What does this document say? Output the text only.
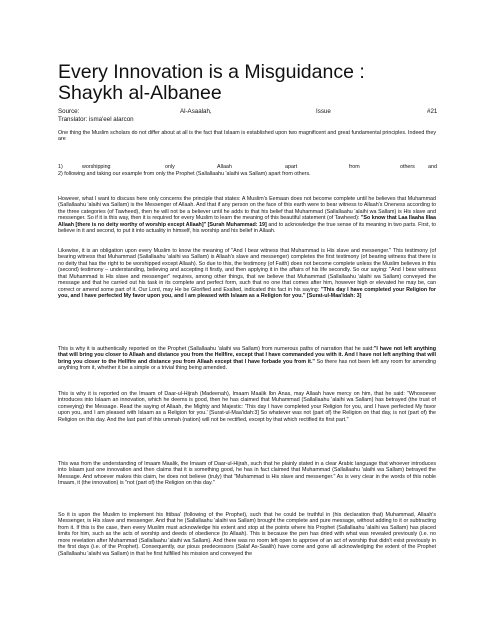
Every Innovation is a Misguidance :
Shaykh al-Albanee
Source:	Al-Asaalah,	Issue	#21
Translator: isma'eel alarcon

One thing the Muslim scholars do not differ about at all is the fact that Islaam is established upon two magnificent and great fundamental principles. Indeed they are

1)	worshipping	only	Allaah	apart	from	others and

2) following and taking our example from only the Prophet (Sallallaahu 'alaihi wa Sallam) apart from others.

However, what I want to discuss here only concerns the principle that states: A Muslim's Eemaan does not become complete until he believes that Muhammad (Sallallaahu 'alaihi wa Sallam) is the Messenger of Allaah. And that if any person on the face of this earth were to bear witness to Allaah's Oneness according to the three categories (of Tawheed), then he will not be a believer until he adds to that his belief that Muhammad (Sallallaahu 'alaihi wa Sallam) is His slave and messenger. So if it is this way, then it is required for every Muslim to learn the meaning of this beautiful statement (of Tawheed): "So know that Laa Ilaaha Illaa Allaah [there is no deity worthy of worship except Allaah]" [Surah Muhammad: 19] and to acknowledge the true sense of its meaning in two parts. First, to believe in it and second, to put it into actuality in himself, his worship and his belief in Allaah.

Likewise, it is an obligation upon every Muslim to know the meaning of "And I bear witness that Muhammad is His slave and messenger." This testimony (of bearing witness that Muhammad (Sallallaahu 'alaihi wa Sallam) is Allaah's slave and messenger) completes the first testimony (of bearing witness that there is no deity that has the right to be worshipped except Allaah). So due to this, the testimony (of Faith) does not become complete unless the Muslim believes in this (second) testimony – understanding, believing and accepting it firstly, and then applying it in the affairs of his life secondly. So our saying: "And I bear witness that Muhammad is His slave and messenger" requires, among other things, that we believe that Muhammad (Sallallaahu 'alaihi wa Sallam) conveyed the message and that he carried out his task in its complete and perfect form, such that no one that comes after him, however high or elevated he may be, can correct or amend some part of it. Our Lord, may He be Glorified and Exalted, indicated this fact in his saying: "This day I have completed your Religion for you, and I have perfected My favor upon you, and I am pleased with Islaam as a Religion for you." [Surat-ul-Maa'idah: 3]

This is why it is authentically reported on the Prophet (Sallallaahu 'alaihi wa Sallam) from numerous paths of narration that he said:"I have not left anything that will bring you closer to Allaah and distance you from the Hellfire, except that I have commanded you with it. And I have not left anything that will bring you closer to the Hellfire and distance you from Allaah except that I have forbade you from it." So there has not been left any room for amending anything from it, whether it be a simple or a trivial thing being amended.

This is why it is reported on the Imaam of Daar-ul-Hijrah (Madeenah), Imaam Maalik Ibn Anas, may Allaah have mercy on him, that he said: "Whosoever introduces into Islaam an innovation, which he deems is good, then he has claimed that Muhammad (Sallallaahu 'alaihi wa Sallam) has betrayed (the trust of conveying) the Message. Read the saying of Allaah, the Mighty and Majestic: 'This day I have completed your Religion for you, and I have perfected My favor upon you, and I am pleased with Islaam as a Religion for you.' [Surat-ul-Maa'idah:3] So whatever was not (part of) the Religion on that day, is not (part of) the Religion on this day. And the last part of this ummah (nation) will not be rectified, except by that which rectified its first part."

This was from the understanding of Imaam Maalik, the Imaam of Daar-ul-Hijrah, such that he plainly stated in a clear Arabic language that whoever introduces into Islaam just one innovation and then claims that it is something good, he has in fact claimed that Muhammad (Sallallaahu 'alaihi wa Sallam) betrayed the Message. And whoever makes this claim, he does not believe (truly) that "Muhammad is His slave and messenger." As is very clear in the words of this noble Imaam, it (the innovation) is "not (part of) the Religion on this day."

So it is upon the Muslim to implement his Ittibaa' (following of the Prophet), such that he could be truthful in (his declaration that) Muhammad, Allaah's Messenger, is His slave and messenger. And that he (Sallallaahu 'alaihi wa Sallam) brought the complete and pure message, without adding to it or subtracting from it. If this is the case, then every Muslim must acknowledge his extent and stop at the points where his Prophet (Sallallaahu 'alaihi wa Sallam) has placed limits for him, such as the acts of worship and deeds of obedience (to Allaah). This is because the pen has dried with what was revealed previously (i.e. no more revelation after Muhammad (Sallallaahu 'alaihi wa Sallam). And there was no room left open to approve of an act of worship that didn't exist previously in the first days (i.e. of the Prophet). Consequently, our pious predecessors (Salaf As-Saalih) have come and gone all acknowledging the extent of the Prophet (Sallallaahu 'alaihi wa Sallam) in that he first fulfilled his mission and conveyed the
